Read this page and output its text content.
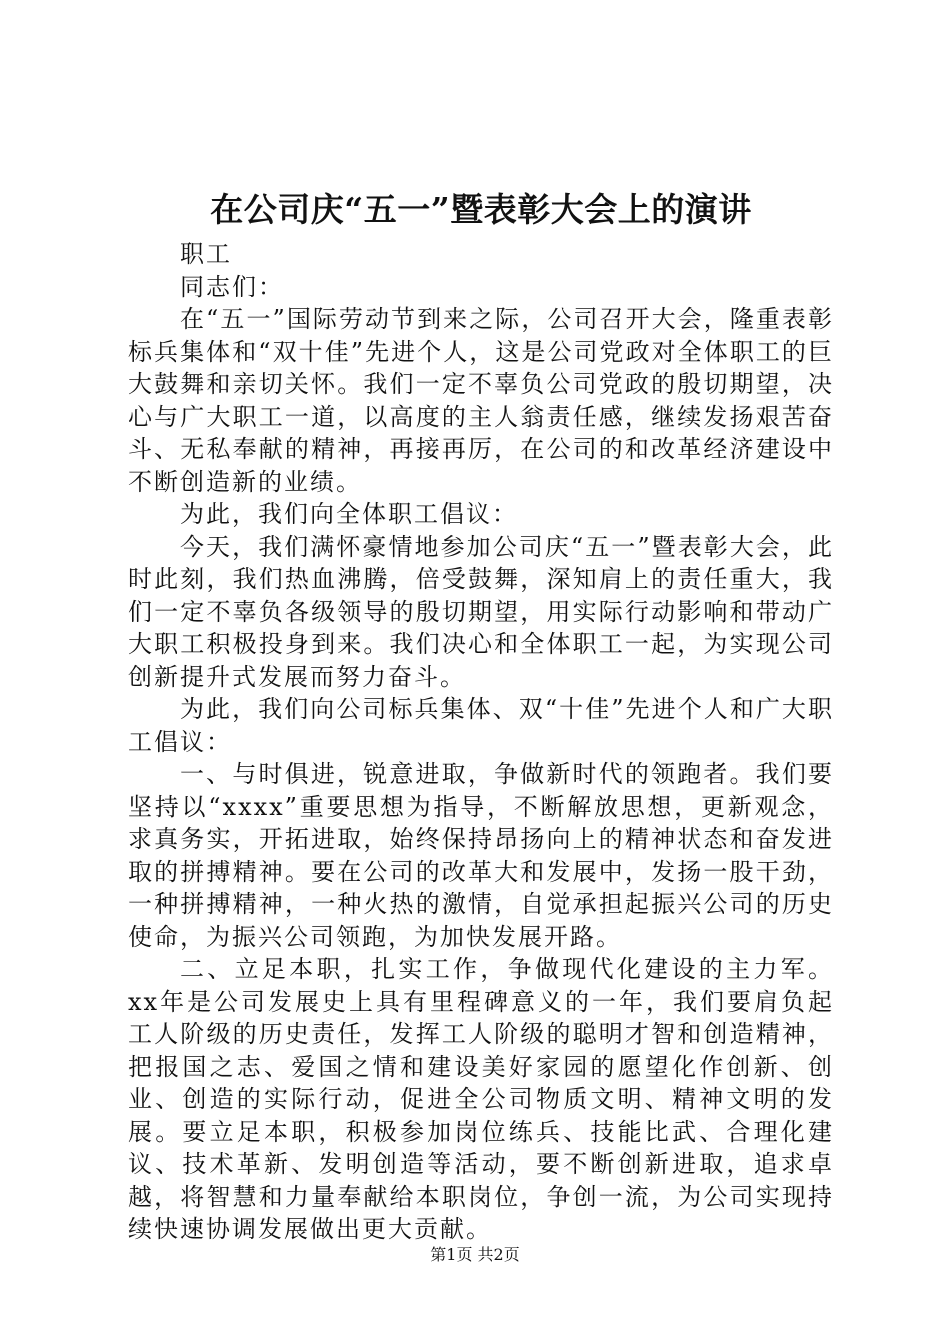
在公司庆“五一”暨表彰大会上的演讲

职工

同志们：

在“五一”国际劳动节到来之际，公司召开大会，隆重表彰标兵集体和“双十佳”先进个人，这是公司党政对全体职工的巨大鼓舞和亲切关怀。我们一定不辜负公司党政的殷切期望，决心与广大职工一道，以高度的主人翁责任感，继续发扬艰苦奋斗、无私奉献的精神，再接再厉，在公司的和改革经济建设中不断创造新的业绩。

为此，我们向全体职工倡议：

今天，我们满怀豪情地参加公司庆“五一”暨表彰大会，此时此刻，我们热血沸腾，倍受鼓舞，深知肩上的责任重大，我们一定不辜负各级领导的殷切期望，用实际行动影响和带动广大职工积极投身到来。我们决心和全体职工一起，为实现公司创新提升式发展而努力奋斗。

为此，我们向公司标兵集体、双“十佳”先进个人和广大职工倡议：

一、与时俱进，锐意进取，争做新时代的领跑者。我们要坚持以“xxxx”重要思想为指导，不断解放思想，更新观念，求真务实，开拓进取，始终保持昂扬向上的精神状态和奋发进取的拼搏精神。要在公司的改革大和发展中，发扬一股干劲，一种拼搏精神，一种火热的激情，自觉承担起振兴公司的历史使命，为振兴公司领跑，为加快发展开路。

二、立足本职，扎实工作，争做现代化建设的主力军。xx年是公司发展史上具有里程碑意义的一年，我们要肩负起工人阶级的历史责任，发挥工人阶级的聪明才智和创造精神，把报国之志、爱国之情和建设美好家园的愿望化作创新、创业、创造的实际行动，促进全公司物质文明、精神文明的发展。要立足本职，积极参加岗位练兵、技能比武、合理化建议、技术革新、发明创造等活动，要不断创新进取，追求卓越，将智慧和力量奉献给本职岗位，争创一流，为公司实现持续快速协调发展做出更大贡献。

第1页 共2页
